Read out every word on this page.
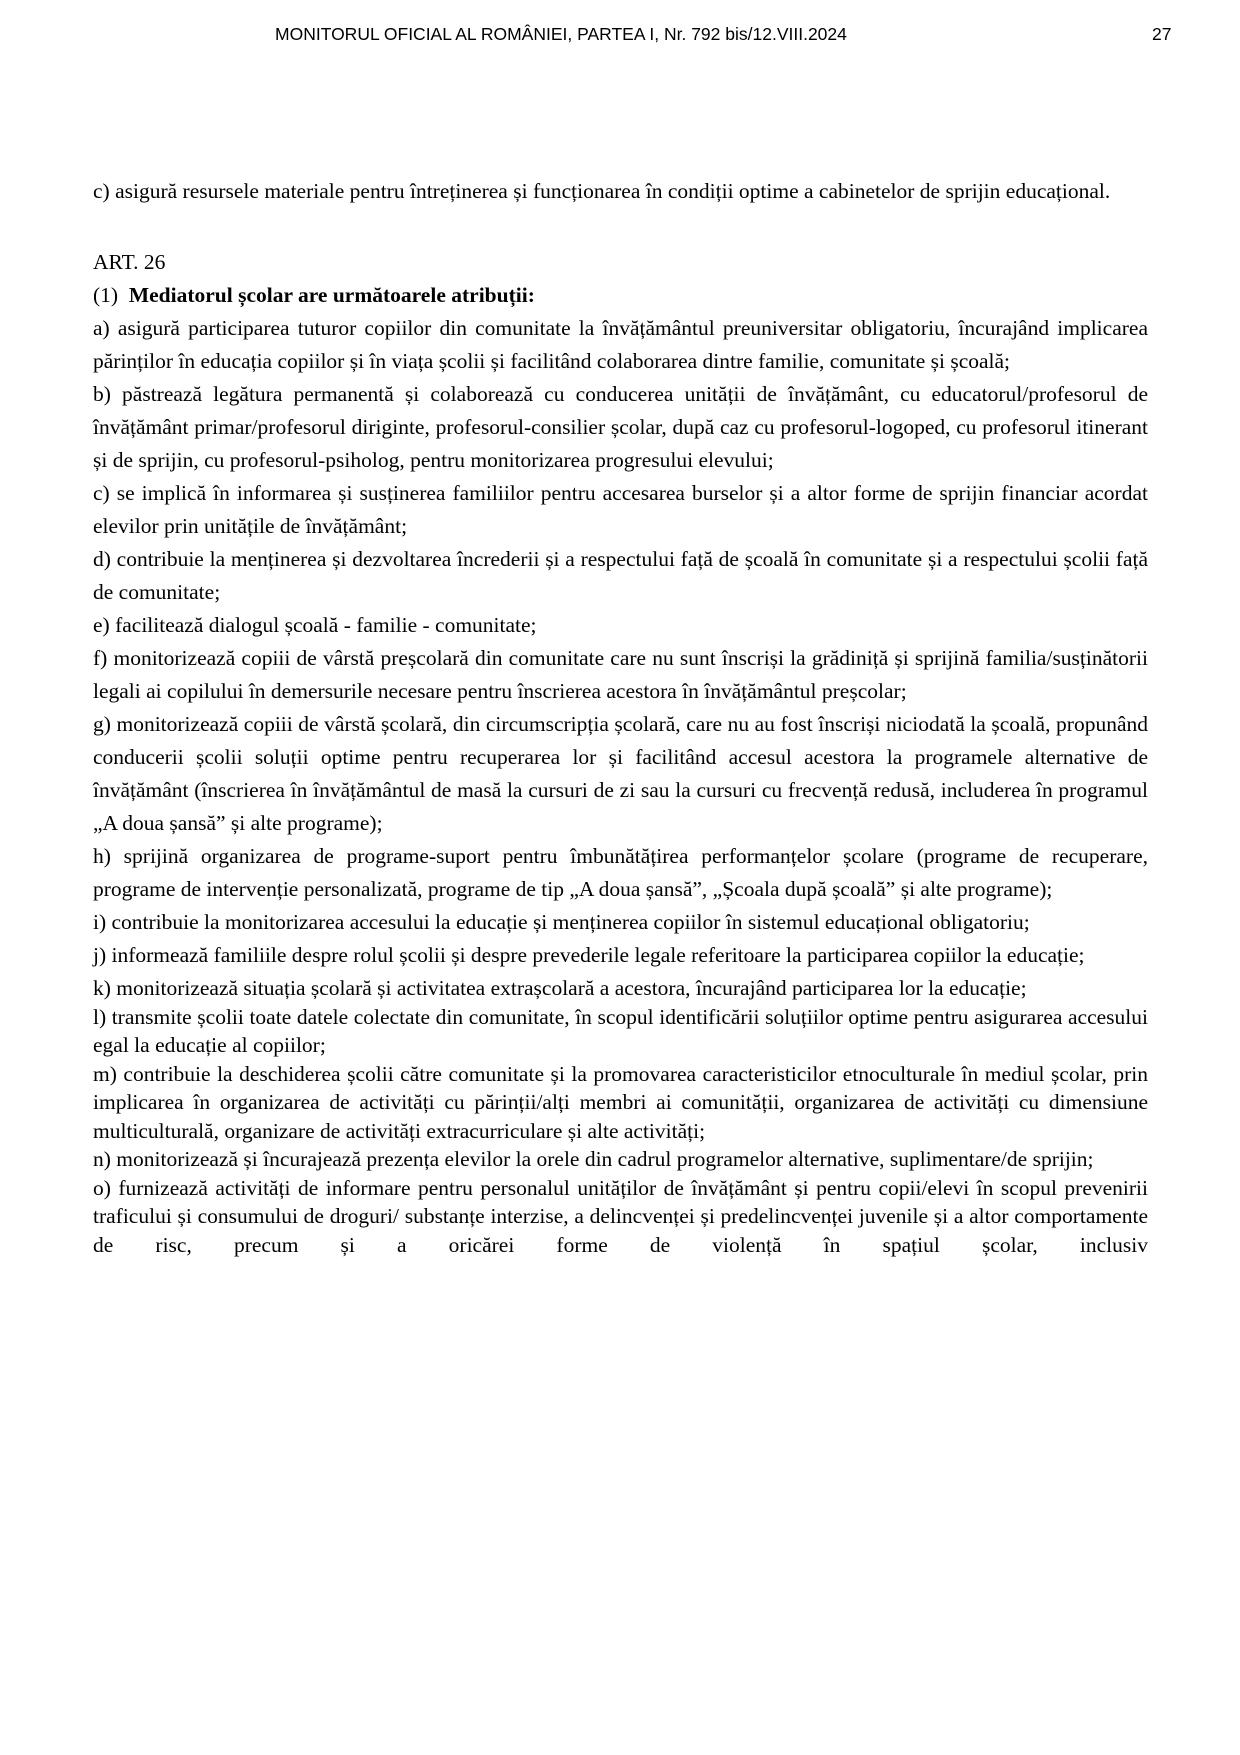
MONITORUL OFICIAL AL ROMÂNIEI, PARTEA I, Nr. 792 bis/12.VIII.2024	27

c) asigură resursele materiale pentru întreținerea și funcționarea în condiții optime a cabinetelor de sprijin educațional.

ART. 26

(1) Mediatorul școlar are următoarele atribuții:

a) asigură participarea tuturor copiilor din comunitate la învățământul preuniversitar obligatoriu, încurajând implicarea părinților în educația copiilor și în viața școlii și facilitând colaborarea dintre familie, comunitate și școală;

b) păstrează legătura permanentă și colaborează cu conducerea unității de învățământ, cu educatorul/profesorul de învățământ primar/profesorul diriginte, profesorul-consilier școlar, după caz cu profesorul-logoped, cu profesorul itinerant și de sprijin, cu profesorul-psiholog, pentru monitorizarea progresului elevului;

c) se implică în informarea și susținerea familiilor pentru accesarea burselor și a altor forme de sprijin financiar acordat elevilor prin unitățile de învățământ;

d) contribuie la menținerea și dezvoltarea încrederii și a respectului față de școală în comunitate și a respectului școlii față de comunitate;

e) facilitează dialogul școală - familie - comunitate;

f) monitorizează copiii de vârstă preșcolară din comunitate care nu sunt înscriși la grădiniță și sprijină familia/susținătorii legali ai copilului în demersurile necesare pentru înscrierea acestora în învățământul preșcolar;

g) monitorizează copiii de vârstă școlară, din circumscripția școlară, care nu au fost înscriși niciodată la școală, propunând conducerii școlii soluții optime pentru recuperarea lor și facilitând accesul acestora la programele alternative de învățământ (înscrierea în învățământul de masă la cursuri de zi sau la cursuri cu frecvență redusă, includerea în programul „A doua șansă” și alte programe);

h) sprijină organizarea de programe-suport pentru îmbunătățirea performanțelor școlare (programe de recuperare, programe de intervenție personalizată, programe de tip „A doua șansă”, „Școala după școală” și alte programe);

i) contribuie la monitorizarea accesului la educație și menținerea copiilor în sistemul educațional obligatoriu;

j) informează familiile despre rolul școlii și despre prevederile legale referitoare la participarea copiilor la educație;

k) monitorizează situația școlară și activitatea extrașcolară a acestora, încurajând participarea lor la educație;

l) transmite școlii toate datele colectate din comunitate, în scopul identificării soluțiilor optime pentru asigurarea accesului egal la educație al copiilor;

m) contribuie la deschiderea școlii către comunitate și la promovarea caracteristicilor etnoculturale în mediul școlar, prin implicarea în organizarea de activități cu părinții/alți membri ai comunității, organizarea de activități cu dimensiune multiculturală, organizare de activități extracurriculare și alte activități;

n) monitorizează și încurajează prezența elevilor la orele din cadrul programelor alternative, suplimentare/de sprijin;

o) furnizează activități de informare pentru personalul unităților de învățământ și pentru copii/elevi în scopul prevenirii traficului și consumului de droguri/ substanțe interzise, a delincvenței și predelincvenței juvenile și a altor comportamente de risc, precum și a oricărei forme de violență în spațiul școlar, inclusiv
